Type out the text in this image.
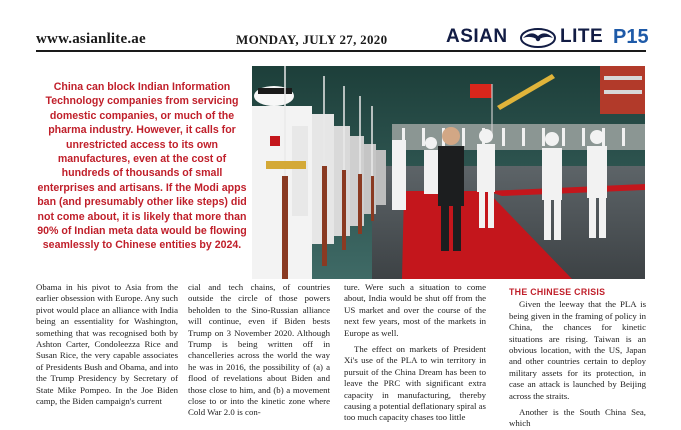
www.asianlite.ae	MONDAY, JULY 27, 2020	ASIAN	LITE P15
China can block Indian Information Technology companies from servicing domestic companies, or much of the pharma industry. However, it calls for unrestricted access to its own manufactures, even at the cost of hundreds of thousands of small enterprises and artisans. If the Modi apps ban (and presumably other like steps) did not come about, it is likely that more than 90% of Indian meta data would be flowing seamlessly to Chinese entities by 2024.

Obama in his pivot to Asia from the earlier obsession with Europe. Any such pivot would place an alliance with India being an essentiality for Washington, something that was recognised both by Ashton Carter, Condoleezza Rice and Susan Rice, the very capable associates of Presidents Bush and Obama, and into the Trump Presidency by Secretary of State Mike Pompeo. In the Joe Biden camp, the Biden campaign's current

cial and tech chains, of countries outside the circle of those powers beholden to the Sino-Russian alliance will continue, even if Biden bests Trump on 3 November 2020. Although Trump is being written off in chancelleries across the world the way he was in 2016, the possibility of (a) a flood of revelations about Biden and those close to him, and (b) a movement close to or into the kinetic zone where Cold War 2.0 is con-

ture. Were such a situation to come about, India would be shut off from the US market and over the course of the next few years, most of the markets in Europe as well.

The effect on markets of President Xi's use of the PLA to win territory in pursuit of the China Dream has been to leave the PRC with significant extra capacity in manufacturing, thereby causing a potential deflationary spiral as too much capacity chases too little

THE CHINESE CRISIS

Given the leeway that the PLA is being given in the framing of policy in China, the chances for kinetic situations are rising. Taiwan is an obvious location, with the US, Japan and other countries certain to deploy military assets for its protection, in case an attack is launched by Beijing across the straits.

Another is the South China Sea, which
